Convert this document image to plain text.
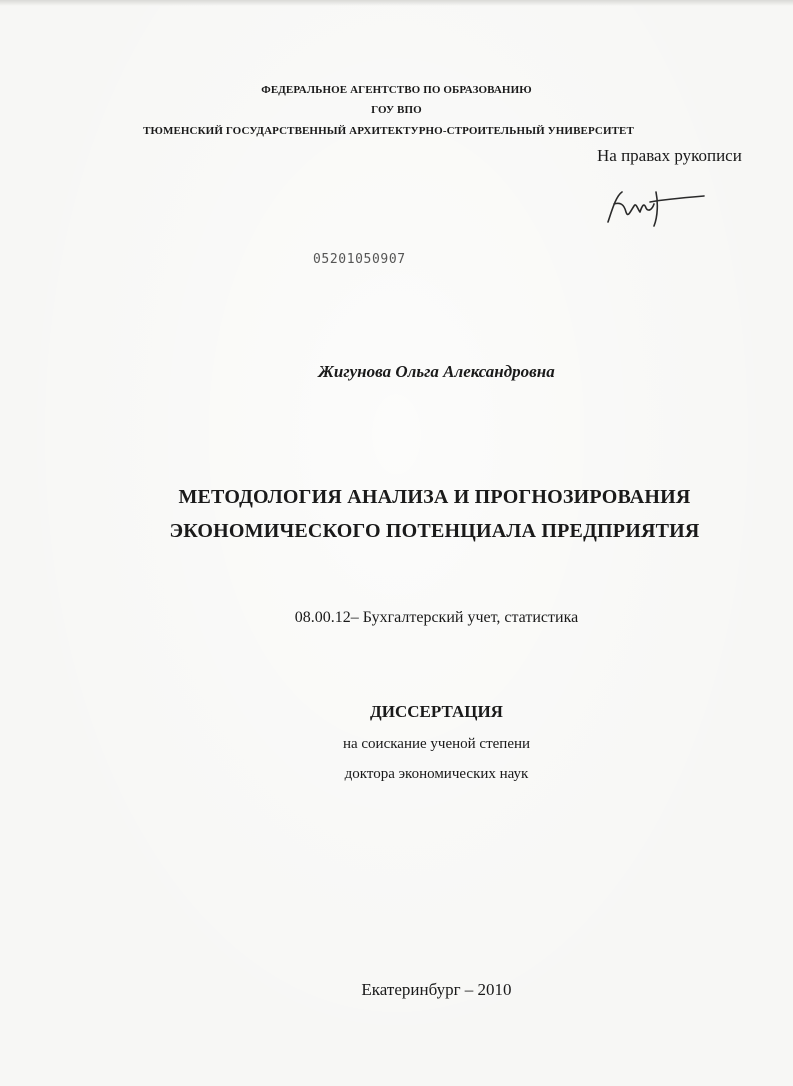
ФЕДЕРАЛЬНОЕ АГЕНТСТВО ПО ОБРАЗОВАНИЮ
ГОУ ВПО
ТЮМЕНСКИЙ ГОСУДАРСТВЕННЫЙ АРХИТЕКТУРНО-СТРОИТЕЛЬНЫЙ УНИВЕРСИТЕТ
На правах рукописи
05201050907
Жигунова Ольга Александровна
МЕТОДОЛОГИЯ АНАЛИЗА И ПРОГНОЗИРОВАНИЯ
ЭКОНОМИЧЕСКОГО ПОТЕНЦИАЛА ПРЕДПРИЯТИЯ
08.00.12– Бухгалтерский учет, статистика
ДИССЕРТАЦИЯ
на соискание ученой степени
доктора экономических наук
Екатеринбург – 2010
